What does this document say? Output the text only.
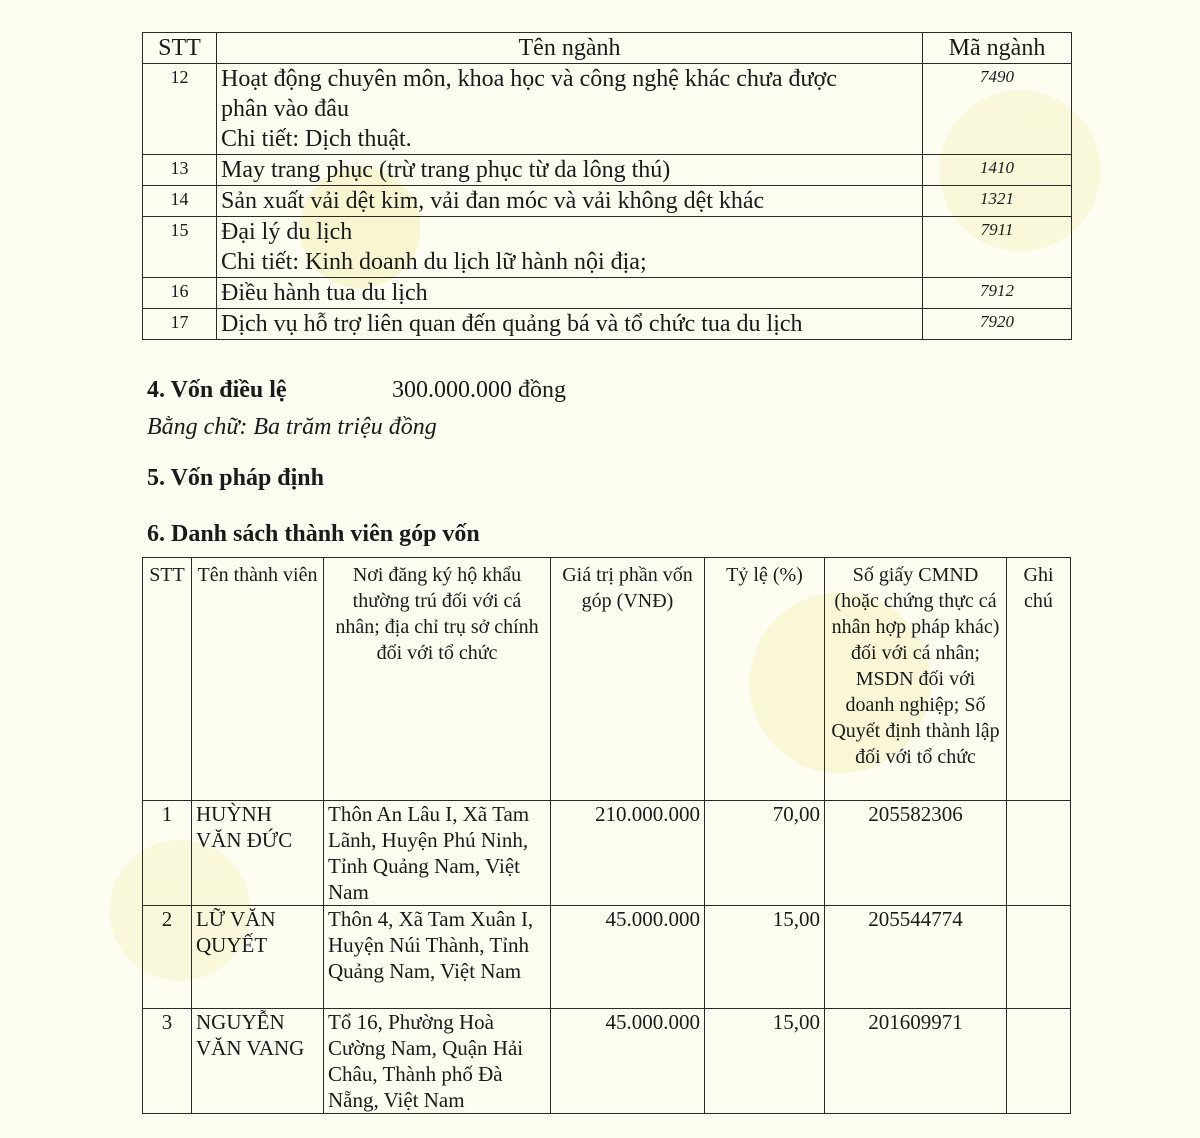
STT	Tên ngành	Mã ngành
12	Hoạt động chuyên môn, khoa học và công nghệ khác chưa được
phân vào đâu
Chi tiết: Dịch thuật.	7490
13	May trang phục (trừ trang phục từ da lông thú)	1410
14	Sản xuất vải dệt kim, vải đan móc và vải không dệt khác	1321
15	Đại lý du lịch
Chi tiết: Kinh doanh du lịch lữ hành nội địa;	7911
16	Điều hành tua du lịch	7912
17	Dịch vụ hỗ trợ liên quan đến quảng bá và tổ chức tua du lịch	7920
4. Vốn điều lệ	300.000.000 đồng
Bằng chữ: Ba trăm triệu đồng
5. Vốn pháp định
6. Danh sách thành viên góp vốn
STT	Tên thành viên	Nơi đăng ký hộ khẩu thường trú đối với cá nhân; địa chỉ trụ sở chính đối với tổ chức	Giá trị phần vốn góp (VNĐ)	Tỷ lệ (%)	Số giấy CMND (hoặc chứng thực cá nhân hợp pháp khác) đối với cá nhân; MSDN đối với doanh nghiệp; Số Quyết định thành lập đối với tổ chức	Ghi chú
1	HUỲNH VĂN ĐỨC	Thôn An Lâu I, Xã Tam Lãnh, Huyện Phú Ninh, Tỉnh Quảng Nam, Việt Nam	210.000.000	70,00	205582306	
2	LỮ VĂN QUYẾT	Thôn 4, Xã Tam Xuân I, Huyện Núi Thành, Tỉnh Quảng Nam, Việt Nam	45.000.000	15,00	205544774	
3	NGUYỄN VĂN VANG	Tổ 16, Phường Hoà Cường Nam, Quận Hải Châu, Thành phố Đà Nẵng, Việt Nam	45.000.000	15,00	201609971	
